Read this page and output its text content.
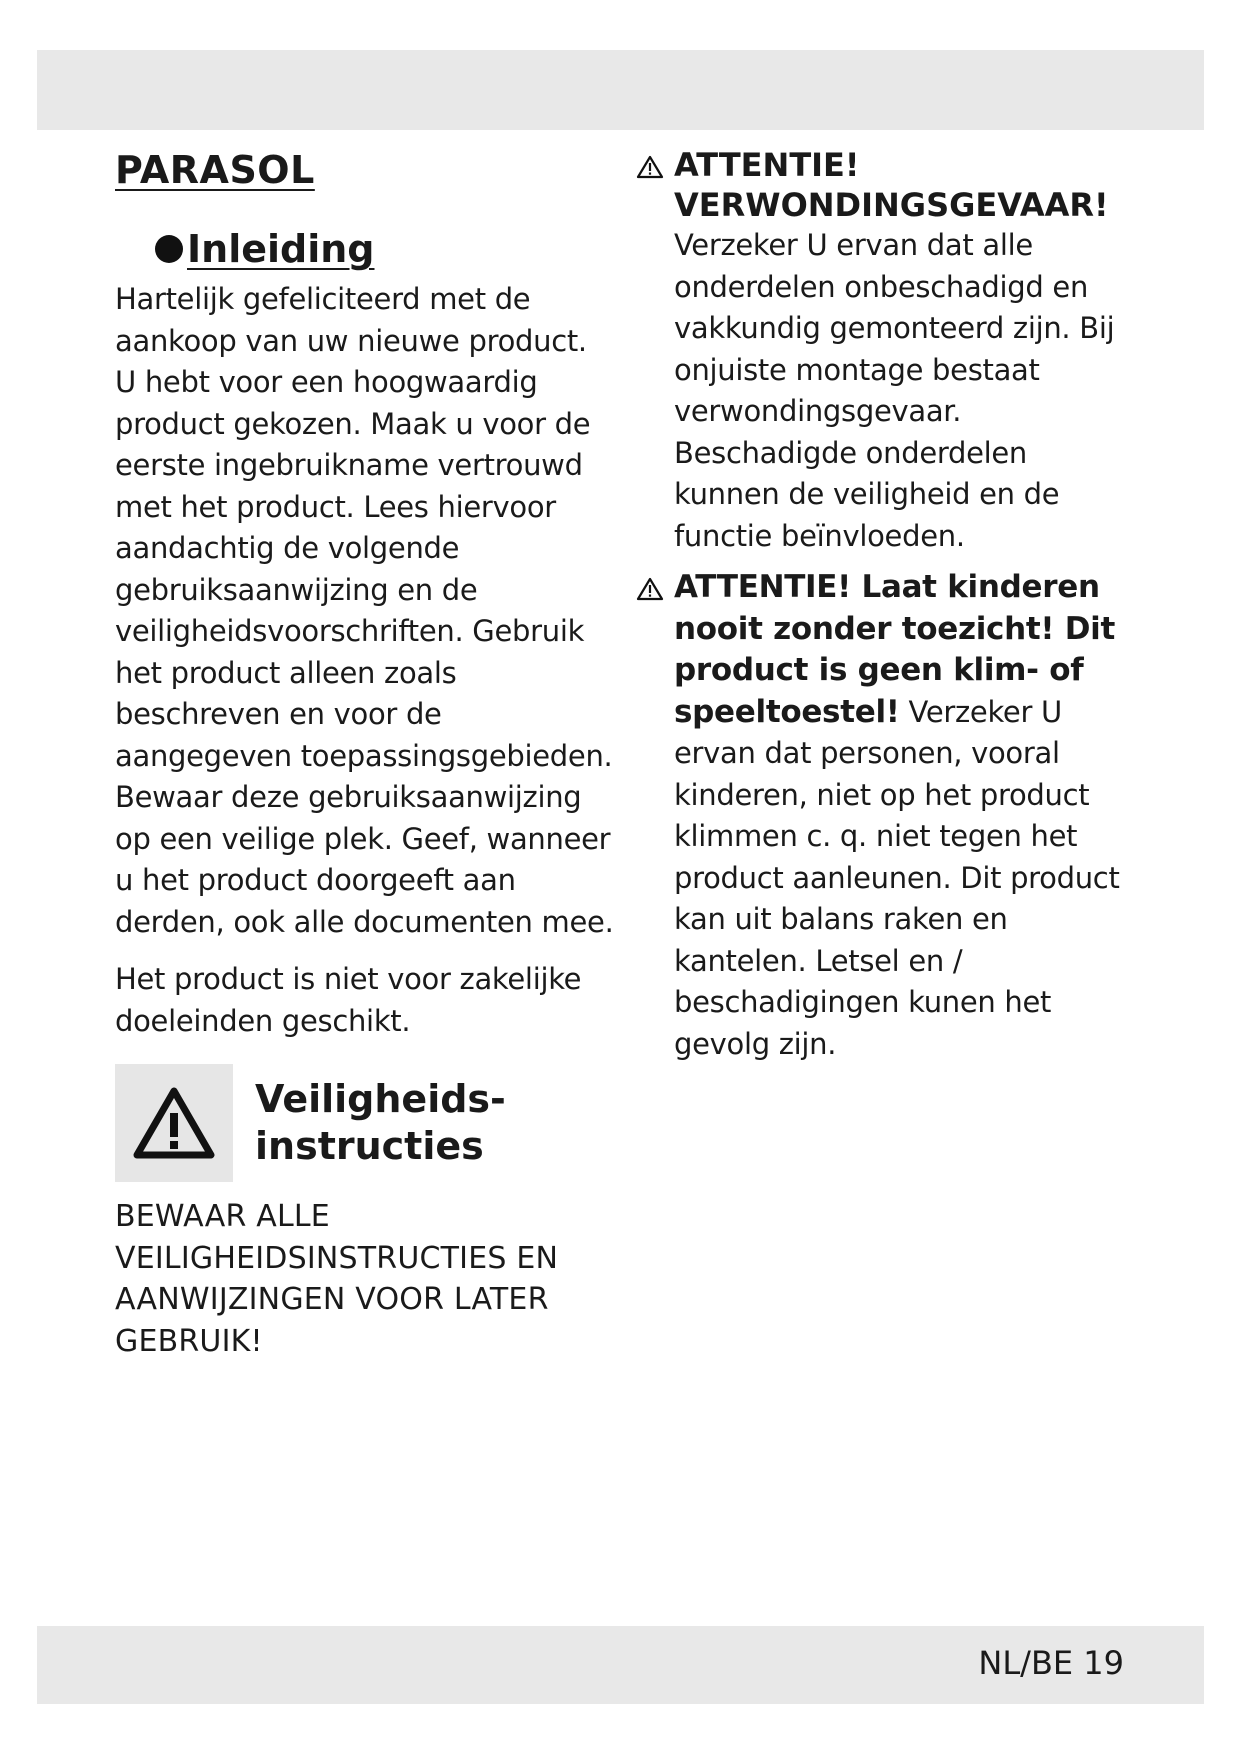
PARASOL
Inleiding

Hartelijk gefeliciteerd met de aankoop van uw nieuwe product. U hebt voor een hoogwaardig product gekozen. Maak u voor de eerste ingebruikname vertrouwd met het product. Lees hiervoor aandachtig de volgende gebruiksaanwijzing en de veiligheidsvoorschriften. Gebruik het product alleen zoals beschreven en voor de aangegeven toepassingsgebieden. Bewaar deze gebruiksaanwijzing op een veilige plek. Geef, wanneer u het product doorgeeft aan derden, ook alle documenten mee.

Het product is niet voor zakelijke doeleinden geschikt.

Veiligheids-
instructies
BEWAAR ALLE VEILIGHEIDSINSTRUCTIES EN AANWIJZINGEN VOOR LATER GEBRUIK!

ATTENTIE! VERWONDINGSGEVAAR!

Verzeker U ervan dat alle onderdelen onbeschadigd en vakkundig gemonteerd zijn. Bij onjuiste montage bestaat verwondingsgevaar. Beschadigde onderdelen kunnen de veiligheid en de functie beïnvloeden.

ATTENTIE! Laat kinderen nooit zonder toezicht! Dit product is geen klim- of speeltoestel! Verzeker U ervan dat personen, vooral kinderen, niet op het product klimmen c. q. niet tegen het product aanleunen. Dit product kan uit balans raken en kantelen. Letsel en / beschadigingen kunen het gevolg zijn.

NL/BE 19
